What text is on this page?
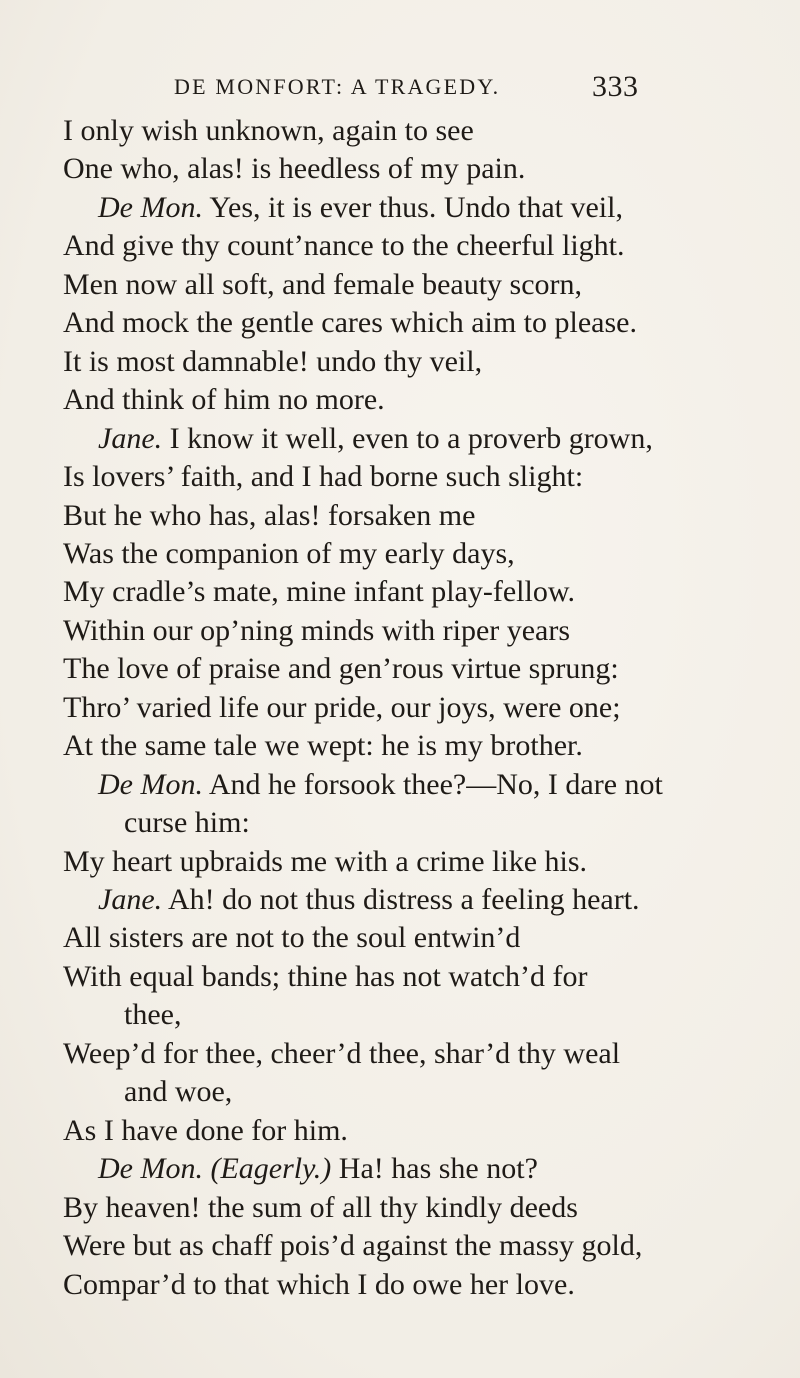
DE MONFORT: A TRAGEDY.	333
I only wish unknown, again to see
One who, alas! is heedless of my pain.
De Mon. Yes, it is ever thus. Undo that veil,
And give thy count’nance to the cheerful light.
Men now all soft, and female beauty scorn,
And mock the gentle cares which aim to please.
It is most damnable! undo thy veil,
And think of him no more.
Jane. I know it well, even to a proverb grown,
Is lovers’ faith, and I had borne such slight:
But he who has, alas! forsaken me
Was the companion of my early days,
My cradle’s mate, mine infant play-fellow.
Within our op’ning minds with riper years
The love of praise and gen’rous virtue sprung:
Thro’ varied life our pride, our joys, were one;
At the same tale we wept: he is my brother.
De Mon. And he forsook thee?—No, I dare not
curse him:
My heart upbraids me with a crime like his.
Jane. Ah! do not thus distress a feeling heart.
All sisters are not to the soul entwin’d
With equal bands; thine has not watch’d for
thee,
Weep’d for thee, cheer’d thee, shar’d thy weal
and woe,
As I have done for him.
De Mon. (Eagerly.) Ha! has she not?
By heaven! the sum of all thy kindly deeds
Were but as chaff pois’d against the massy gold,
Compar’d to that which I do owe her love.
